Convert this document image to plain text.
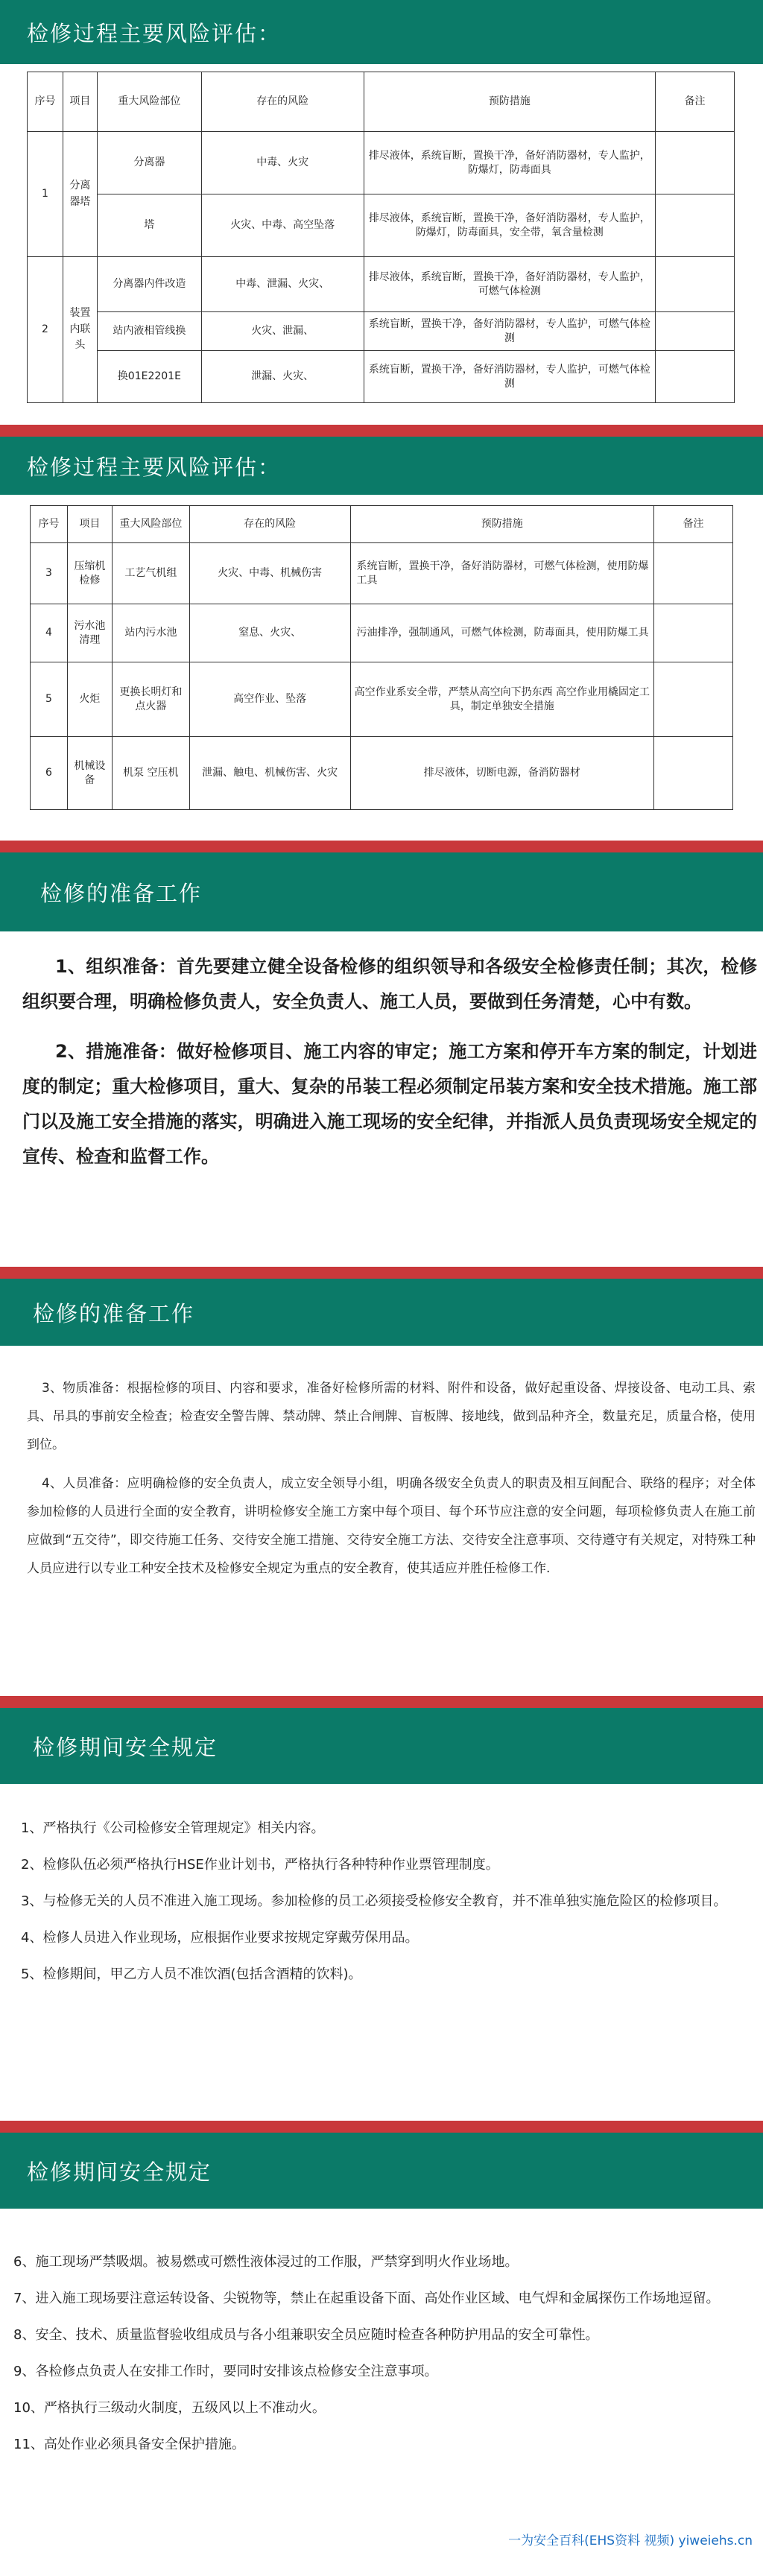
检修过程主要风险评估：
序号	项目	重大风险部位	存在的风险	预防措施	备注
1	分离器塔	分离器	中毒、火灾	排尽液体，系统盲断，置换干净，备好消防器材，专人监护，防爆灯，防毒面具	
		塔	火灾、中毒、高空坠落	排尽液体，系统盲断，置换干净，备好消防器材，专人监护，防爆灯，防毒面具，安全带，氧含量检测	
2	装置内联头	分离器内件改造	中毒、泄漏、火灾、	排尽液体，系统盲断，置换干净，备好消防器材，专人监护，可燃气体检测	
		站内液相管线换	火灾、泄漏、	系统盲断，置换干净，备好消防器材，专人监护，可燃气体检测	
		换01E2201E	泄漏、火灾、	系统盲断，置换干净，备好消防器材，专人监护，可燃气体检测	
检修过程主要风险评估：
序号	项目	重大风险部位	存在的风险	预防措施	备注
3	压缩机检修	工艺气机组	火灾、中毒、机械伤害	系统盲断，置换干净，备好消防器材，可燃气体检测，使用防爆工具	
4	污水池清理	站内污水池	窒息、火灾、	污油排净，强制通风，可燃气体检测，防毒面具，使用防爆工具	
5	火炬	更换长明灯和点火器	高空作业、坠落	高空作业系安全带，严禁从高空向下扔东西 高空作业用橇固定工具，制定单独安全措施	
6	机械设备	机泵 空压机	泄漏、触电、机械伤害、火灾	排尽液体，切断电源，备消防器材	
检修的准备工作

1、组织准备：首先要建立健全设备检修的组织领导和各级安全检修责任制；其次，检修组织要合理，明确检修负责人，安全负责人、施工人员，要做到任务清楚，心中有数。

2、措施准备：做好检修项目、施工内容的审定；施工方案和停开车方案的制定，计划进度的制定；重大检修项目，重大、复杂的吊装工程必须制定吊装方案和安全技术措施。施工部门以及施工安全措施的落实，明确进入施工现场的安全纪律，并指派人员负责现场安全规定的宣传、检查和监督工作。

检修的准备工作

3、物质准备：根据检修的项目、内容和要求，准备好检修所需的材料、附件和设备，做好起重设备、焊接设备、电动工具、索具、吊具的事前安全检查；检查安全警告牌、禁动牌、禁止合闸牌、盲板牌、接地线，做到品种齐全，数量充足，质量合格，使用到位。

4、人员准备：应明确检修的安全负责人，成立安全领导小组，明确各级安全负责人的职责及相互间配合、联络的程序；对全体参加检修的人员进行全面的安全教育，讲明检修安全施工方案中每个项目、每个环节应注意的安全问题，每项检修负责人在施工前应做到“五交待”，即交待施工任务、交待安全施工措施、交待安全施工方法、交待安全注意事项、交待遵守有关规定，对特殊工种人员应进行以专业工种安全技术及检修安全规定为重点的安全教育，使其适应并胜任检修工作.

检修期间安全规定

1、严格执行《公司检修安全管理规定》相关内容。

2、检修队伍必须严格执行HSE作业计划书，严格执行各种特种作业票管理制度。

3、与检修无关的人员不准进入施工现场。参加检修的员工必须接受检修安全教育，并不准单独实施危险区的检修项目。

4、检修人员进入作业现场，应根据作业要求按规定穿戴劳保用品。

5、检修期间，甲乙方人员不准饮酒(包括含酒精的饮料)。

检修期间安全规定

6、施工现场严禁吸烟。被易燃或可燃性液体浸过的工作服，严禁穿到明火作业场地。

7、进入施工现场要注意运转设备、尖锐物等，禁止在起重设备下面、高处作业区域、电气焊和金属探伤工作场地逗留。

8、安全、技术、质量监督验收组成员与各小组兼职安全员应随时检查各种防护用品的安全可靠性。

9、各检修点负责人在安排工作时，要同时安排该点检修安全注意事项。

10、严格执行三级动火制度，五级风以上不准动火。

11、高处作业必须具备安全保护措施。

一为安全百科(EHS资料 视频) yiweiehs.cn
